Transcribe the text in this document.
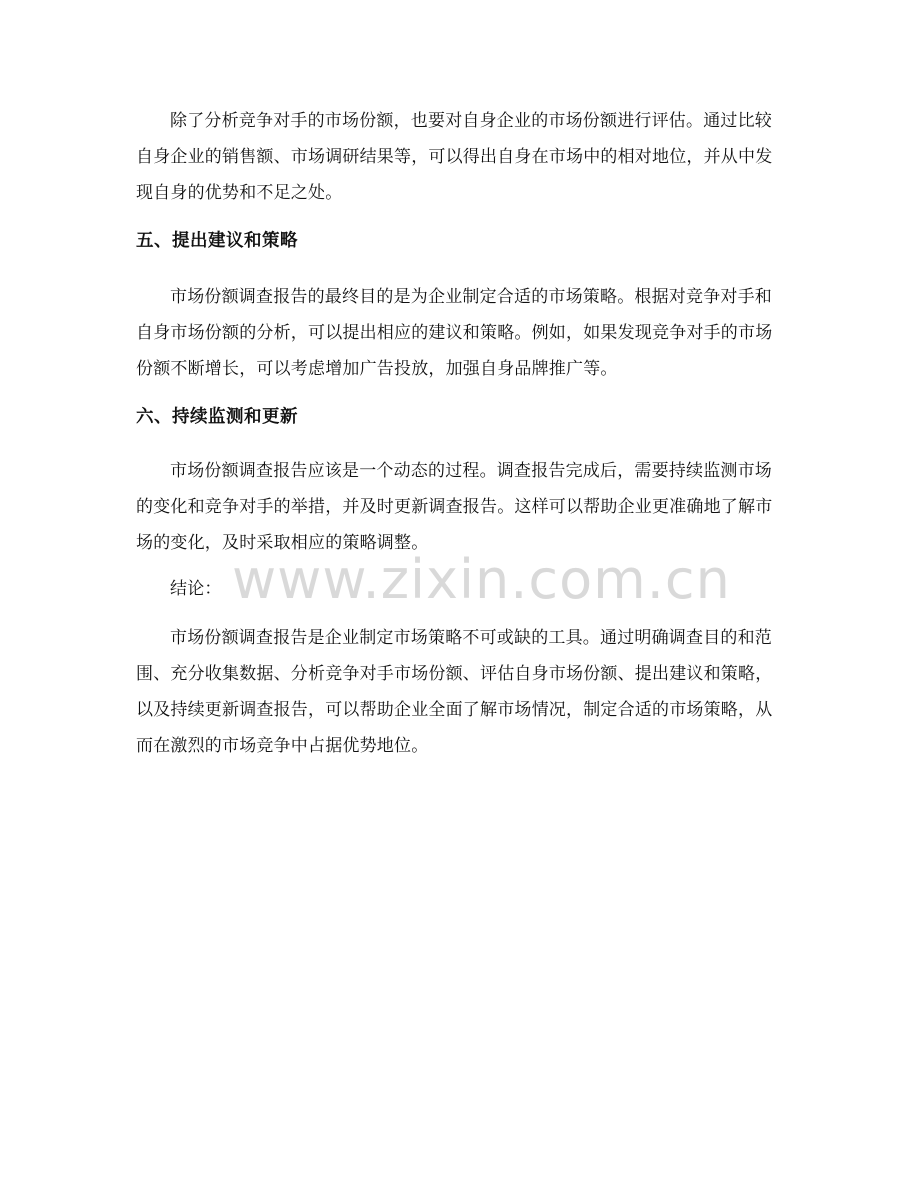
除了分析竞争对手的市场份额，也要对自身企业的市场份额进行评估。通过比较自身企业的销售额、市场调研结果等，可以得出自身在市场中的相对地位，并从中发现自身的优势和不足之处。

五、提出建议和策略

市场份额调查报告的最终目的是为企业制定合适的市场策略。根据对竞争对手和自身市场份额的分析，可以提出相应的建议和策略。例如，如果发现竞争对手的市场份额不断增长，可以考虑增加广告投放，加强自身品牌推广等。

六、持续监测和更新

市场份额调查报告应该是一个动态的过程。调查报告完成后，需要持续监测市场的变化和竞争对手的举措，并及时更新调查报告。这样可以帮助企业更准确地了解市场的变化，及时采取相应的策略调整。

www.zixin.com.cn

结论：

市场份额调查报告是企业制定市场策略不可或缺的工具。通过明确调查目的和范围、充分收集数据、分析竞争对手市场份额、评估自身市场份额、提出建议和策略，以及持续更新调查报告，可以帮助企业全面了解市场情况，制定合适的市场策略，从而在激烈的市场竞争中占据优势地位。
